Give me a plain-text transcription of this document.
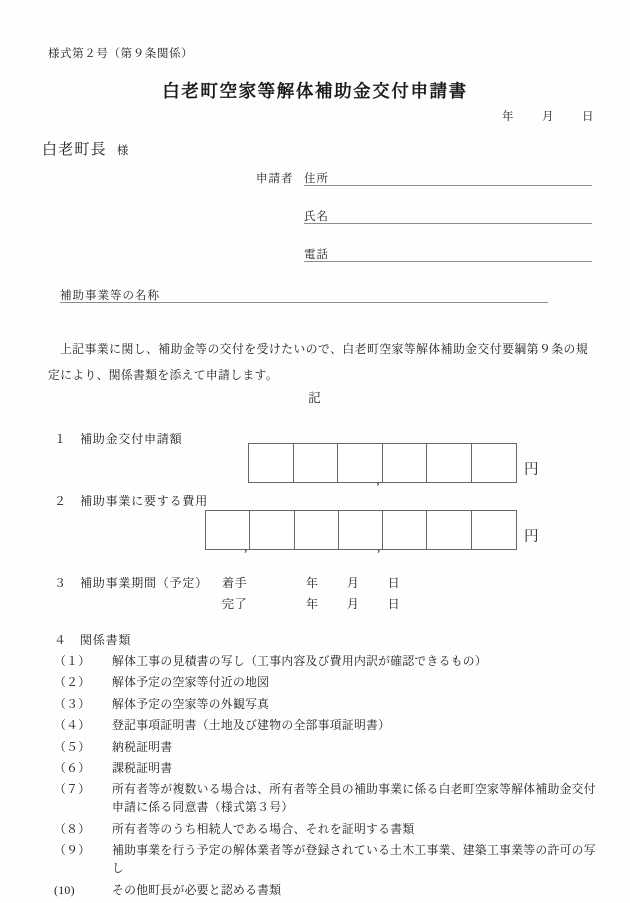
様式第２号（第９条関係）
白老町空家等解体補助金交付申請書
年 月 日
白老町長 様
申請者 住所
氏名
電話
補助事業等の名称
上記事業に関し、補助金等の交付を受けたいので、白老町空家等解体補助金交付要綱第９条の規定により、関係書類を添えて申請します。
記
１ 補助金交付申請額
,
円
２ 補助事業に要する費用
,	,
円
３ 補助事業期間（予定） 着手	年 月 日
完了	年 月 日
４ 関係書類
（１）	解体工事の見積書の写し（工事内容及び費用内訳が確認できるもの）
（２）	解体予定の空家等付近の地図
（３）	解体予定の空家等の外観写真
（４）	登記事項証明書（土地及び建物の全部事項証明書）
（５）	納税証明書
（６）	課税証明書
（７）	所有者等が複数いる場合は、所有者等全員の補助事業に係る白老町空家等解体補助金交付申請に係る同意書（様式第３号）
（８）	所有者等のうち相続人である場合、それを証明する書類
（９）	補助事業を行う予定の解体業者等が登録されている土木工事業、建築工事業等の許可の写し
(10)	その他町長が必要と認める書類
